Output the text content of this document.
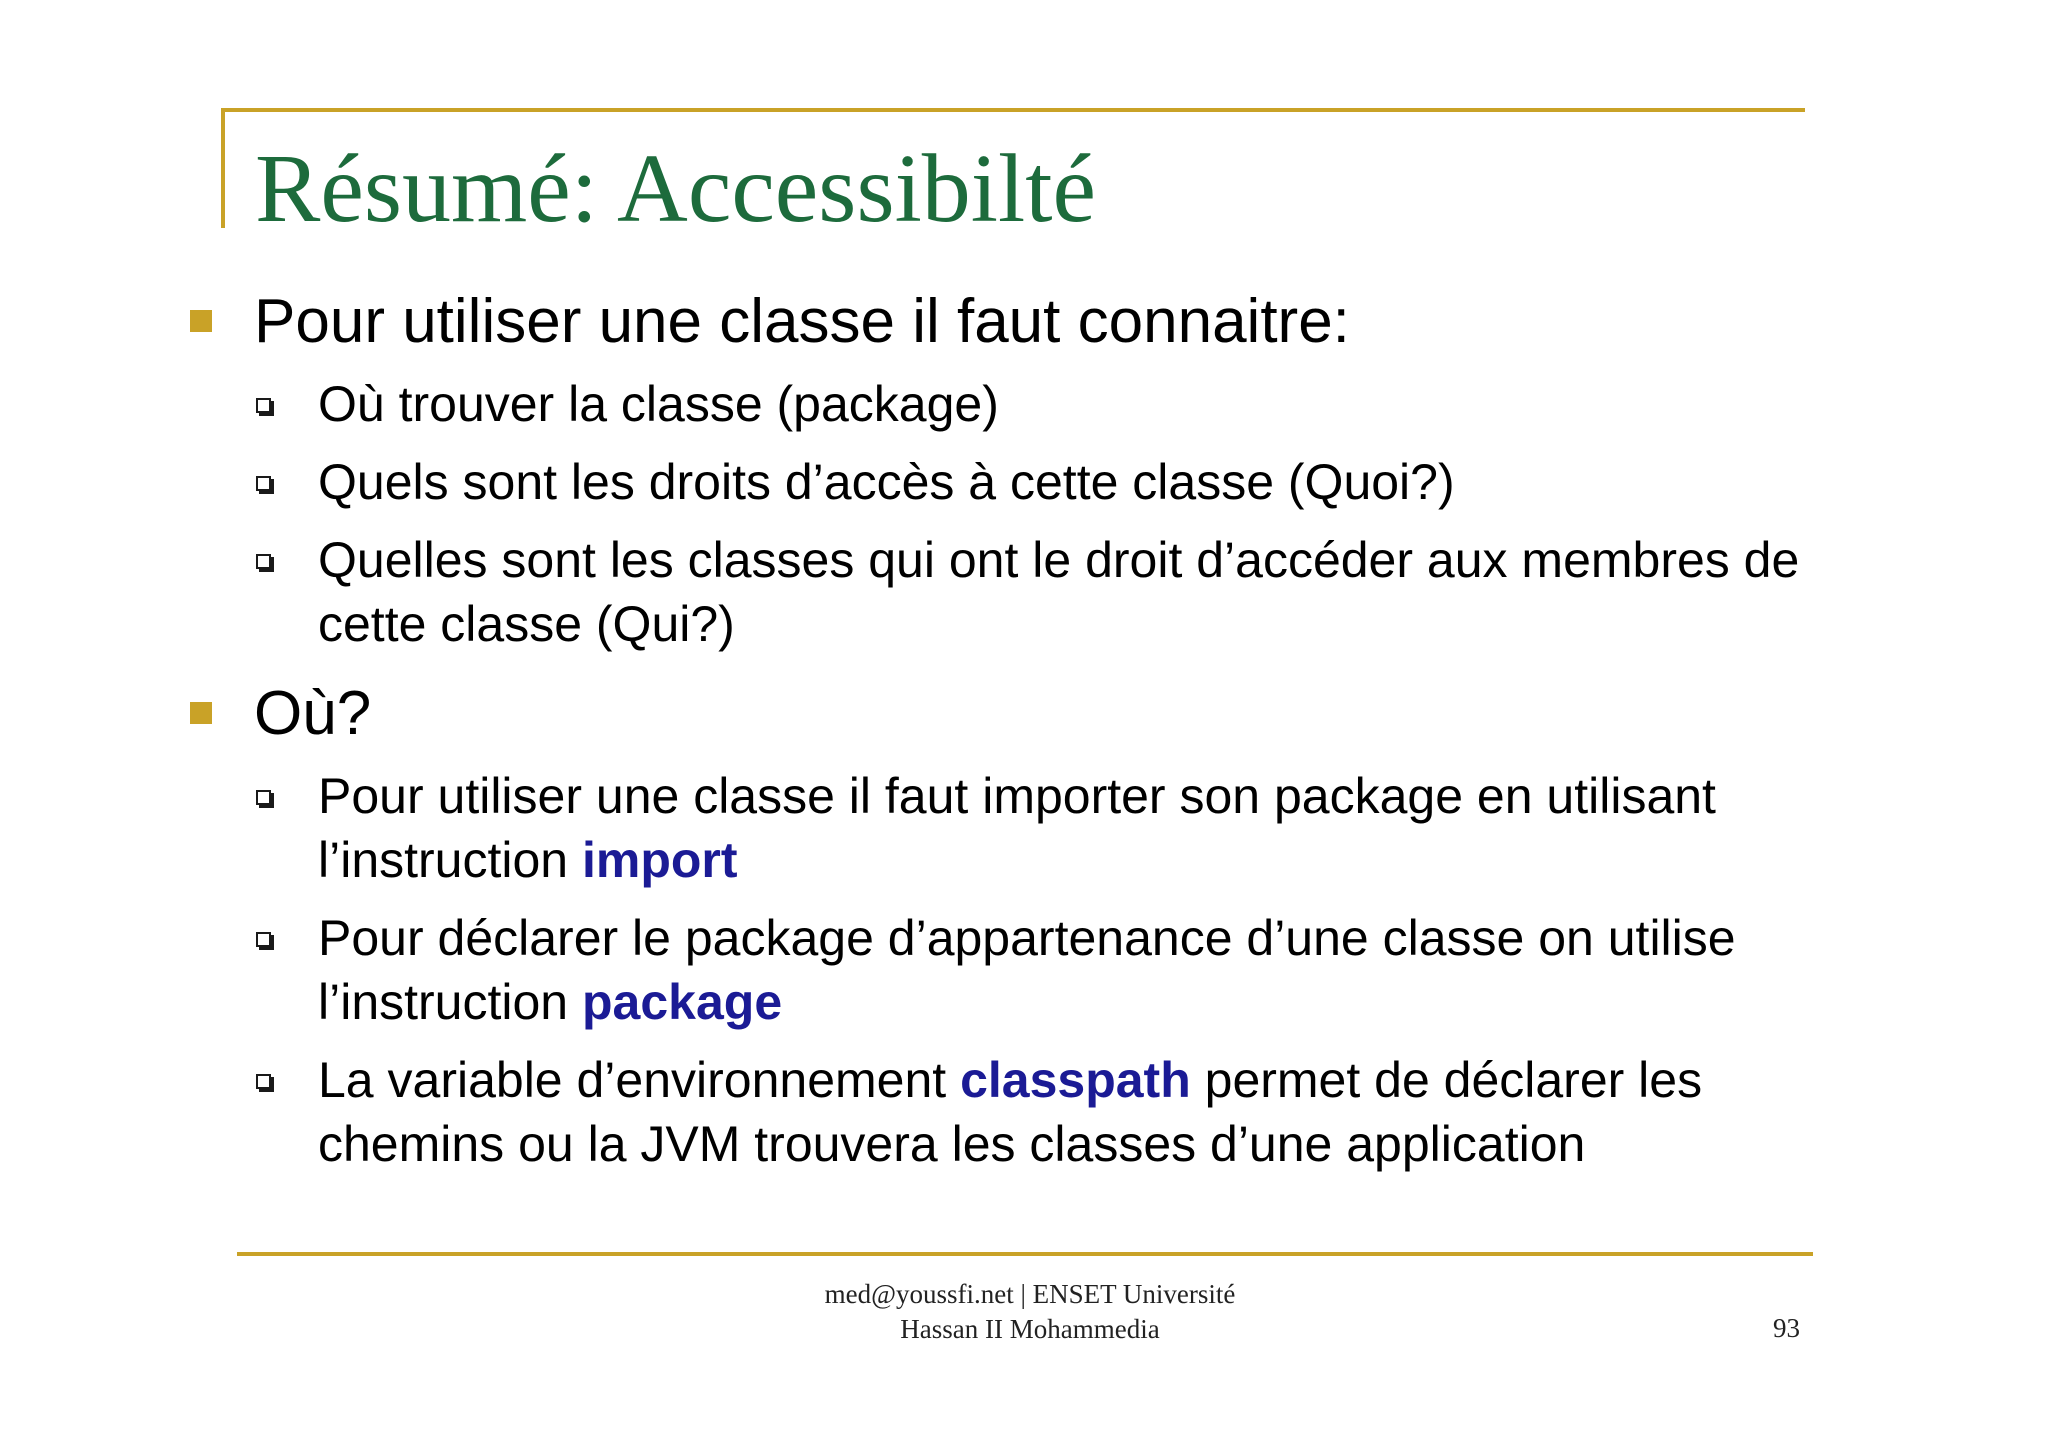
Résumé: Accessibilté
Pour utiliser une classe il faut connaitre:
Où trouver la classe (package)
Quels sont les droits d’accès à cette classe (Quoi?)
Quelles sont les classes qui ont le droit d’accéder aux membres de cette classe (Qui?)
Où?
Pour utiliser une classe il faut importer son package en utilisant l’instruction import
Pour déclarer le package d’appartenance d’une classe on utilise l’instruction package
La variable d’environnement classpath permet de déclarer les chemins ou la JVM trouvera les classes d’une application
med@youssfi.net | ENSET Université
Hassan II Mohammedia	93
